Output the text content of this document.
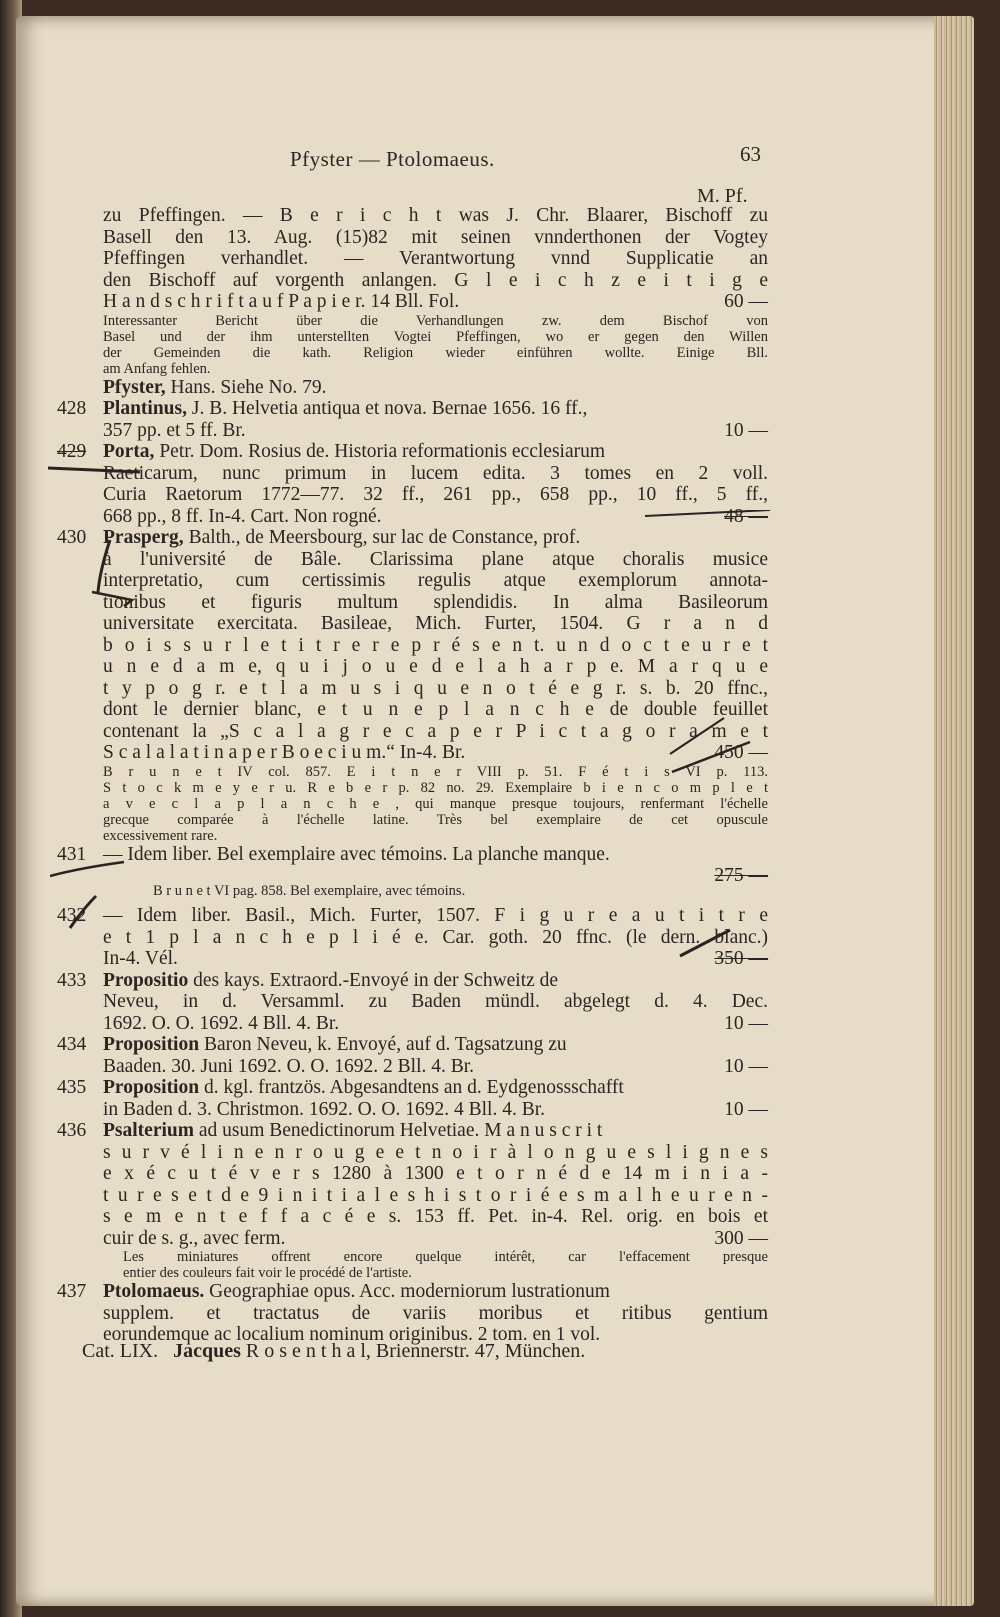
Pfyster — Ptolomaeus.	63
M. Pf.
zu Pfeffingen. — B e r i c h t was J. Chr. Blaarer, Bischoff zu
Basell den 13. Aug. (15)82 mit seinen vnnderthonen der Vogtey
Pfeffingen verhandlet. — Verantwortung vnnd Supplicatie an
den Bischoff auf vorgenth anlangen. G l e i c h z e i t i g e
H a n d s c h r i f t a u f P a p i e r. 14 Bll. Fol.	60 —
Interessanter Bericht über die Verhandlungen zw. dem Bischof von
Basel und der ihm unterstellten Vogtei Pfeffingen, wo er gegen den Willen
der Gemeinden die kath. Religion wieder einführen wollte. Einige Bll.
am Anfang fehlen.
Pfyster, Hans. Siehe No. 79.
428 Plantinus, J. B. Helvetia antiqua et nova. Bernae 1656. 16 ff.,
357 pp. et 5 ff. Br.	10 —
429 Porta, Petr. Dom. Rosius de. Historia reformationis ecclesiarum
Raeticarum, nunc primum in lucem edita. 3 tomes en 2 voll.
Curia Raetorum 1772—77. 32 ff., 261 pp., 658 pp., 10 ff., 5 ff.,
668 pp., 8 ff. In-4. Cart. Non rogné.	48 —
430 Prasperg, Balth., de Meersbourg, sur lac de Constance, prof.
à l'université de Bâle. Clarissima plane atque choralis musice
interpretatio, cum certissimis regulis atque exemplorum annota-
tionibus et figuris multum splendidis. In alma Basileorum
universitate exercitata. Basileae, Mich. Furter, 1504. G r a n d
b o i s s u r l e t i t r e r e p r é s e n t. u n d o c t e u r e t
u n e d a m e, q u i j o u e d e l a h a r p e. M a r q u e
t y p o g r. e t l a m u s i q u e n o t é e g r. s. b. 20 ffnc.,
dont le dernier blanc, e t u n e p l a n c h e de double feuillet
contenant la „S c a l a g r e c a p e r P i c t a g o r a m e t
S c a l a l a t i n a p e r B o e c i u m.“ In-4. Br.	450 —
B r u n e t IV col. 857. E i t n e r VIII p. 51. F é t i s VI p. 113.
S t o c k m e y e r u. R e b e r p. 82 no. 29. Exemplaire b i e n c o m p l e t
a v e c l a p l a n c h e , qui manque presque toujours, renfermant l'échelle
grecque comparée à l'échelle latine. Très bel exemplaire de cet opuscule
excessivement rare.
431 — Idem liber. Bel exemplaire avec témoins. La planche manque.
275 —
B r u n e t VI pag. 858. Bel exemplaire, avec témoins.
432 — Idem liber. Basil., Mich. Furter, 1507. F i g u r e a u t i t r e
e t 1 p l a n c h e p l i é e. Car. goth. 20 ffnc. (le dern. blanc.)
In-4. Vél.	350 —
433 Propositio des kays. Extraord.-Envoyé in der Schweitz de
Neveu, in d. Versamml. zu Baden mündl. abgelegt d. 4. Dec.
1692. O. O. 1692. 4 Bll. 4. Br.	10 —
434 Proposition Baron Neveu, k. Envoyé, auf d. Tagsatzung zu
Baaden. 30. Juni 1692. O. O. 1692. 2 Bll. 4. Br.	10 —
435 Proposition d. kgl. frantzös. Abgesandtens an d. Eydgenossschafft
in Baden d. 3. Christmon. 1692. O. O. 1692. 4 Bll. 4. Br.	10 —
436 Psalterium ad usum Benedictinorum Helvetiae. M a n u s c r i t
s u r v é l i n e n r o u g e e t n o i r à l o n g u e s l i g n e s
e x é c u t é v e r s 1280 à 1300 e t o r n é d e 14 m i n i a -
t u r e s e t d e 9 i n i t i a l e s h i s t o r i é e s m a l h e u r e n -
s e m e n t e f f a c é e s. 153 ff. Pet. in-4. Rel. orig. en bois et
cuir de s. g., avec ferm.	300 —
Les miniatures offrent encore quelque intérêt, car l'effacement presque
entier des couleurs fait voir le procédé de l'artiste.
437 Ptolomaeus. Geographiae opus. Acc. moderniorum lustrationum
supplem. et tractatus de variis moribus et ritibus gentium
eorundemque ac localium nominum originibus. 2 tom. en 1 vol.
Cat. LIX. Jacques R o s e n t h a l, Briennerstr. 47, München.
